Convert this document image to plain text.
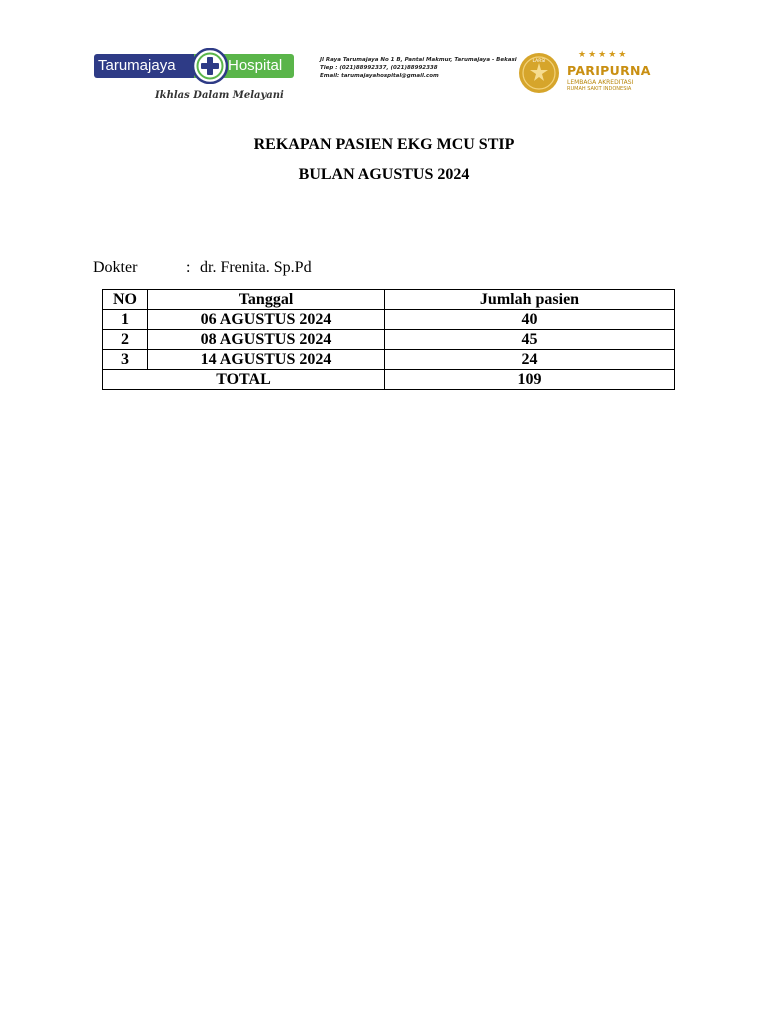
Tarumajaya	Hospital
Ikhlas Dalam Melayani
Jl Raya Tarumajaya No 1 B, Pantai Makmur, Tarumajaya - Bekasi
Tlep : (021)88992337, (021)88992338
Email: tarumajayahospital@gmail.com
LARSI
★★★★★
PARIPURNA
LEMBAGA AKREDITASI
RUMAH SAKIT INDONESIA
REKAPAN PASIEN EKG MCU STIP
BULAN AGUSTUS 2024
Dokter	: dr. Frenita. Sp.Pd
NO	Tanggal	Jumlah pasien
1	06 AGUSTUS 2024	40
2	08 AGUSTUS 2024	45
3	14 AGUSTUS 2024	24
TOTAL		109
